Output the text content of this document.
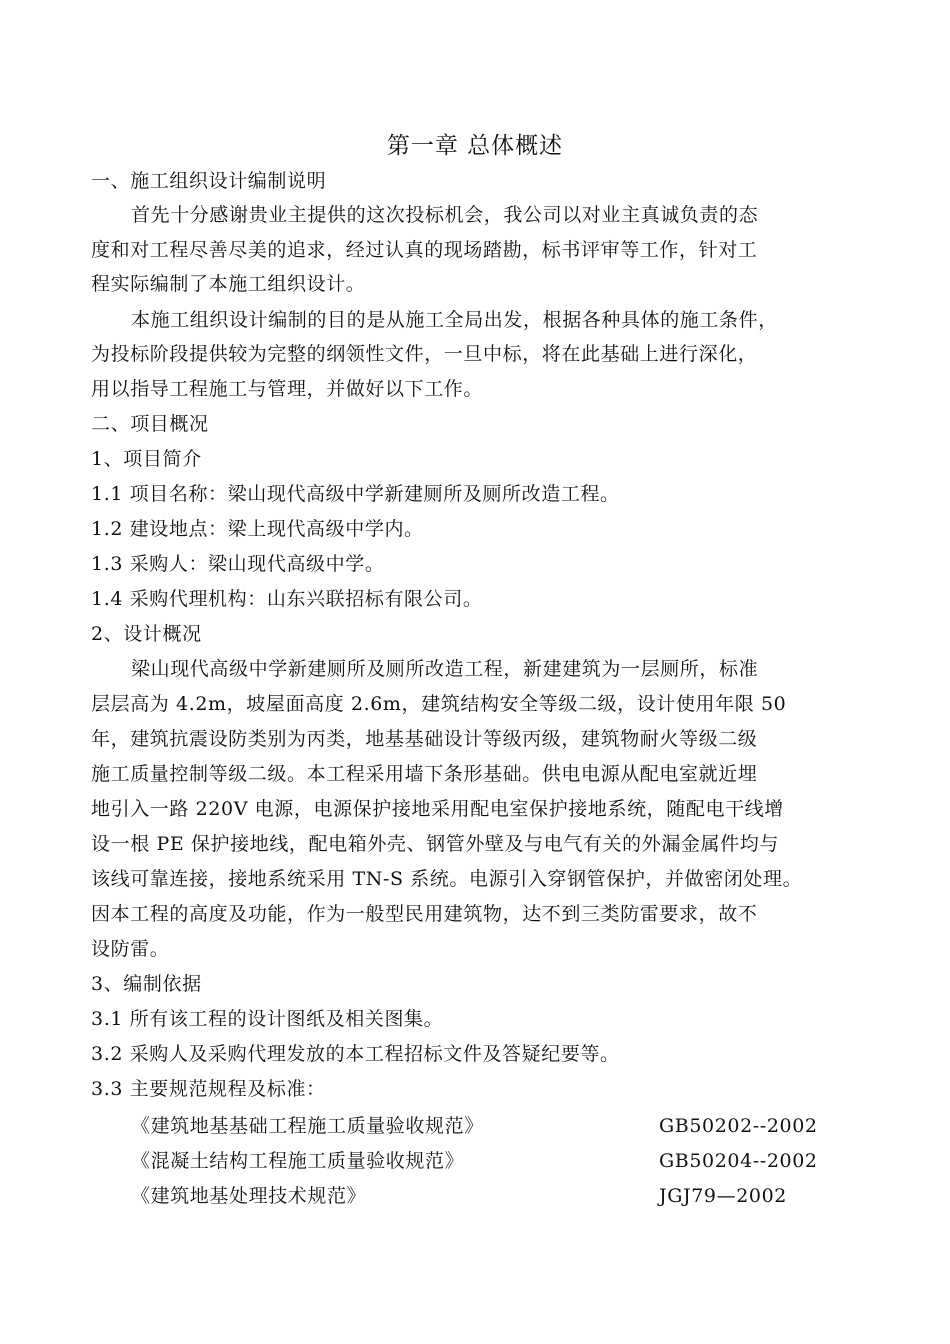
第一章 总体概述
一、施工组织设计编制说明
首先十分感谢贵业主提供的这次投标机会，我公司以对业主真诚负责的态
度和对工程尽善尽美的追求，经过认真的现场踏勘，标书评审等工作，针对工
程实际编制了本施工组织设计。
本施工组织设计编制的目的是从施工全局出发，根据各种具体的施工条件，
为投标阶段提供较为完整的纲领性文件，一旦中标，将在此基础上进行深化，
用以指导工程施工与管理，并做好以下工作。
二、项目概况
1、项目简介
1.1 项目名称：梁山现代高级中学新建厕所及厕所改造工程。
1.2 建设地点：梁上现代高级中学内。
1.3 采购人：梁山现代高级中学。
1.4 采购代理机构：山东兴联招标有限公司。
2、设计概况
梁山现代高级中学新建厕所及厕所改造工程，新建建筑为一层厕所，标准
层层高为 4.2m，坡屋面高度 2.6m，建筑结构安全等级二级，设计使用年限 50
年，建筑抗震设防类别为丙类，地基基础设计等级丙级，建筑物耐火等级二级
施工质量控制等级二级。本工程采用墙下条形基础。供电电源从配电室就近埋
地引入一路 220V 电源，电源保护接地采用配电室保护接地系统，随配电干线增
设一根 PE 保护接地线，配电箱外壳、钢管外壁及与电气有关的外漏金属件均与
该线可靠连接，接地系统采用 TN-S 系统。电源引入穿钢管保护，并做密闭处理。
因本工程的高度及功能，作为一般型民用建筑物，达不到三类防雷要求，故不
设防雷。
3、编制依据
3.1 所有该工程的设计图纸及相关图集。
3.2 采购人及采购代理发放的本工程招标文件及答疑纪要等。
3.3 主要规范规程及标准：
《建筑地基基础工程施工质量验收规范》	GB50202--2002
《混凝土结构工程施工质量验收规范》	GB50204--2002
《建筑地基处理技术规范》	JGJ79—2002
